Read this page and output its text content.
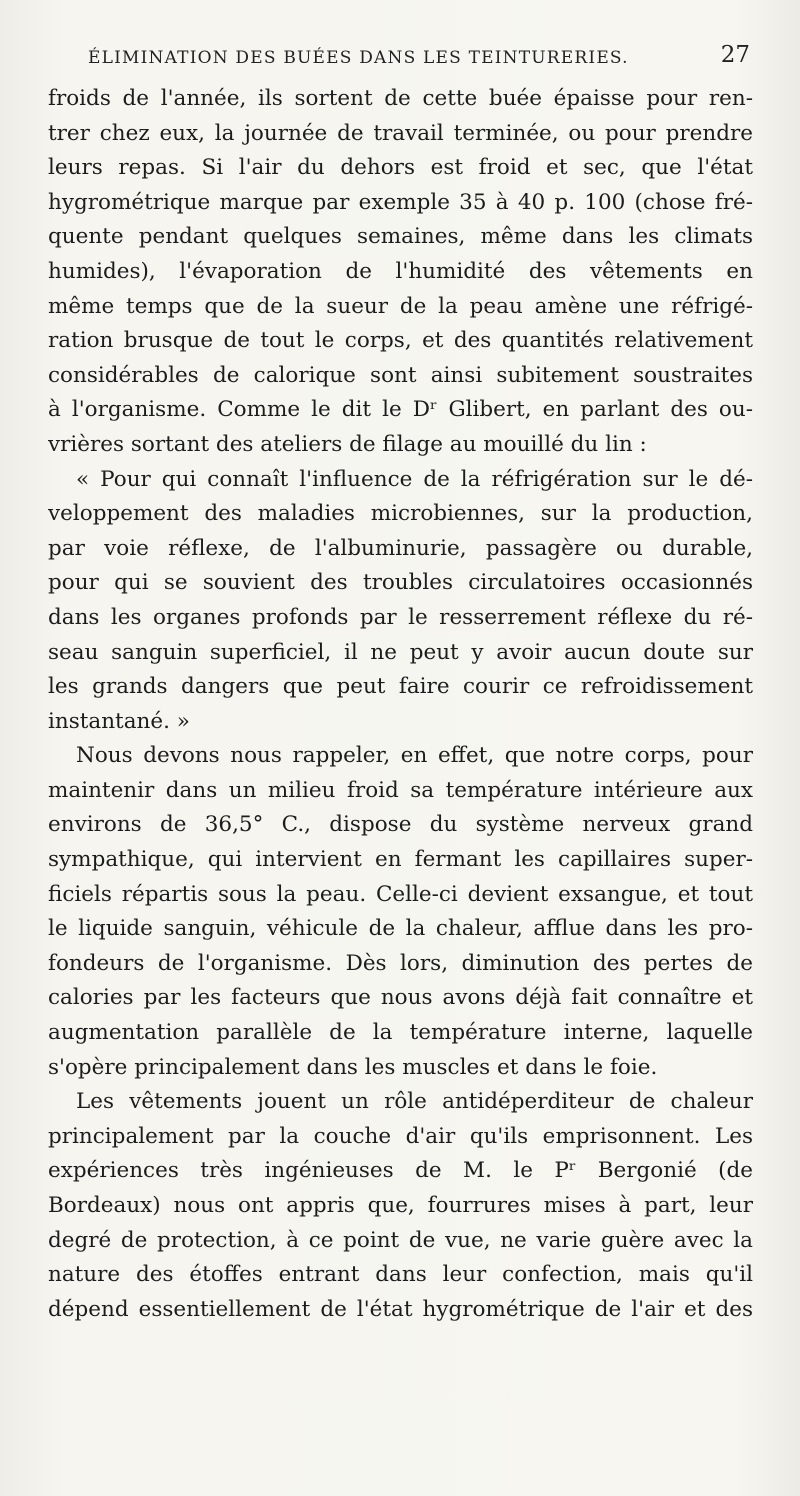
ÉLIMINATION DES BUÉES DANS LES TEINTURERIES.	27
froids de l'année, ils sortent de cette buée épaisse pour ren-
trer chez eux, la journée de travail terminée, ou pour prendre
leurs repas. Si l'air du dehors est froid et sec, que l'état
hygrométrique marque par exemple 35 à 40 p. 100 (chose fré-
quente pendant quelques semaines, même dans les climats
humides), l'évaporation de l'humidité des vêtements en
même temps que de la sueur de la peau amène une réfrigé-
ration brusque de tout le corps, et des quantités relativement
considérables de calorique sont ainsi subitement soustraites
à l'organisme. Comme le dit le Dʳ Glibert, en parlant des ou-
vrières sortant des ateliers de filage au mouillé du lin :
« Pour qui connaît l'influence de la réfrigération sur le dé-
veloppement des maladies microbiennes, sur la production,
par voie réflexe, de l'albuminurie, passagère ou durable,
pour qui se souvient des troubles circulatoires occasionnés
dans les organes profonds par le resserrement réflexe du ré-
seau sanguin superficiel, il ne peut y avoir aucun doute sur
les grands dangers que peut faire courir ce refroidissement
instantané. »
Nous devons nous rappeler, en effet, que notre corps, pour
maintenir dans un milieu froid sa température intérieure aux
environs de 36,5° C., dispose du système nerveux grand
sympathique, qui intervient en fermant les capillaires super-
ficiels répartis sous la peau. Celle-ci devient exsangue, et tout
le liquide sanguin, véhicule de la chaleur, afflue dans les pro-
fondeurs de l'organisme. Dès lors, diminution des pertes de
calories par les facteurs que nous avons déjà fait connaître et
augmentation parallèle de la température interne, laquelle
s'opère principalement dans les muscles et dans le foie.
Les vêtements jouent un rôle antidéperditeur de chaleur
principalement par la couche d'air qu'ils emprisonnent. Les
expériences très ingénieuses de M. le Pʳ Bergonié (de
Bordeaux) nous ont appris que, fourrures mises à part, leur
degré de protection, à ce point de vue, ne varie guère avec la
nature des étoffes entrant dans leur confection, mais qu'il
dépend essentiellement de l'état hygrométrique de l'air et des
